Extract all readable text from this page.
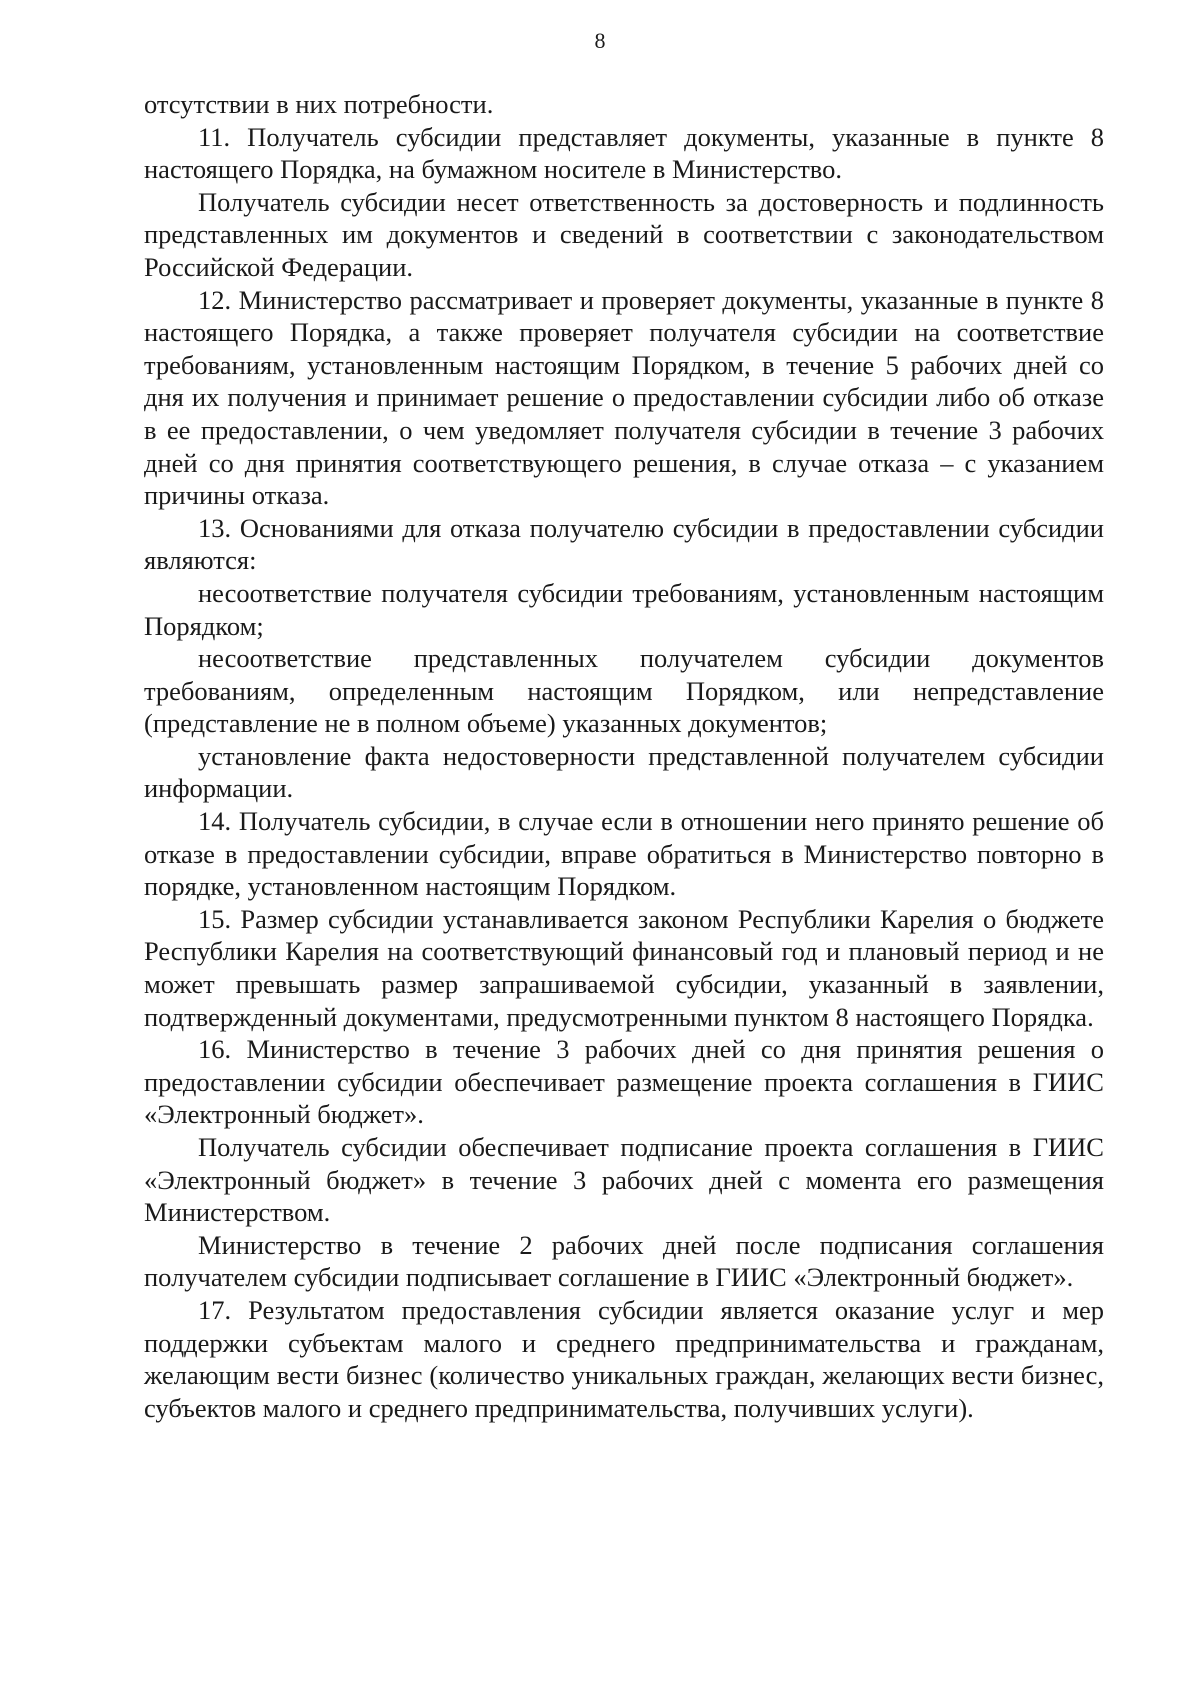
8

отсутствии в них потребности.

11. Получатель субсидии представляет документы, указанные в пункте 8 настоящего Порядка, на бумажном носителе в Министерство.

Получатель субсидии несет ответственность за достоверность и подлинность представленных им документов и сведений в соответствии с законодательством Российской Федерации.

12. Министерство рассматривает и проверяет документы, указанные в пункте 8 настоящего Порядка, а также проверяет получателя субсидии на соответствие требованиям, установленным настоящим Порядком, в течение 5 рабочих дней со дня их получения и принимает решение о предоставлении субсидии либо об отказе в ее предоставлении, о чем уведомляет получателя субсидии в течение 3 рабочих дней со дня принятия соответствующего решения, в случае отказа – с указанием причины отказа.

13. Основаниями для отказа получателю субсидии в предоставлении субсидии являются:

несоответствие получателя субсидии требованиям, установленным настоящим Порядком;

несоответствие представленных получателем субсидии документов требованиям, определенным настоящим Порядком, или непредставление (представление не в полном объеме) указанных документов;

установление факта недостоверности представленной получателем субсидии информации.

14. Получатель субсидии, в случае если в отношении него принято решение об отказе в предоставлении субсидии, вправе обратиться в Министерство повторно в порядке, установленном настоящим Порядком.

15. Размер субсидии устанавливается законом Республики Карелия о бюджете Республики Карелия на соответствующий финансовый год и плановый период и не может превышать размер запрашиваемой субсидии, указанный в заявлении, подтвержденный документами, предусмотренными пунктом 8 настоящего Порядка.

16. Министерство в течение 3 рабочих дней со дня принятия решения о предоставлении субсидии обеспечивает размещение проекта соглашения в ГИИС «Электронный бюджет».

Получатель субсидии обеспечивает подписание проекта соглашения в ГИИС «Электронный бюджет» в течение 3 рабочих дней с момента его размещения Министерством.

Министерство в течение 2 рабочих дней после подписания соглашения получателем субсидии подписывает соглашение в ГИИС «Электронный бюджет».

17. Результатом предоставления субсидии является оказание услуг и мер поддержки субъектам малого и среднего предпринимательства и гражданам, желающим вести бизнес (количество уникальных граждан, желающих вести бизнес, субъектов малого и среднего предпринимательства, получивших услуги).
